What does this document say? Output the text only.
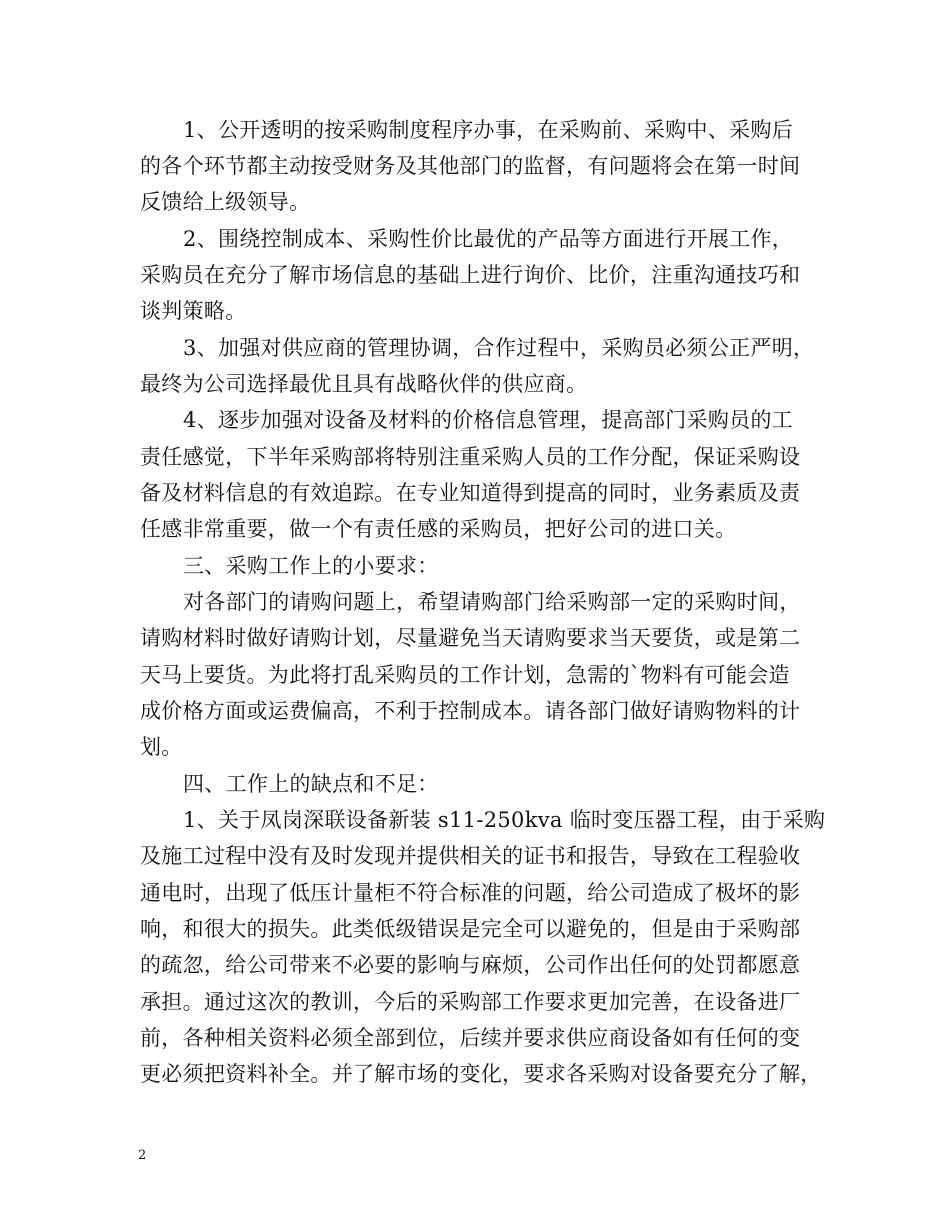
1、公开透明的按采购制度程序办事，在采购前、采购中、采购后
的各个环节都主动按受财务及其他部门的监督，有问题将会在第一时间
反馈给上级领导。
2、围绕控制成本、采购性价比最优的产品等方面进行开展工作，
采购员在充分了解市场信息的基础上进行询价、比价，注重沟通技巧和
谈判策略。
3、加强对供应商的管理协调，合作过程中，采购员必须公正严明，
最终为公司选择最优且具有战略伙伴的供应商。
4、逐步加强对设备及材料的价格信息管理，提高部门采购员的工
责任感觉，下半年采购部将特别注重采购人员的工作分配，保证采购设
备及材料信息的有效追踪。在专业知道得到提高的同时，业务素质及责
任感非常重要，做一个有责任感的采购员，把好公司的进口关。
三、采购工作上的小要求：
对各部门的请购问题上，希望请购部门给采购部一定的采购时间，
请购材料时做好请购计划，尽量避免当天请购要求当天要货，或是第二
天马上要货。为此将打乱采购员的工作计划，急需的`物料有可能会造
成价格方面或运费偏高，不利于控制成本。请各部门做好请购物料的计
划。
四、工作上的缺点和不足：
1、关于凤岗深联设备新装 s11-250kva 临时变压器工程，由于采购
及施工过程中没有及时发现并提供相关的证书和报告，导致在工程验收
通电时，出现了低压计量柜不符合标准的问题，给公司造成了极坏的影
响，和很大的损失。此类低级错误是完全可以避免的，但是由于采购部
的疏忽，给公司带来不必要的影响与麻烦，公司作出任何的处罚都愿意
承担。通过这次的教训，今后的采购部工作要求更加完善，在设备进厂
前，各种相关资料必须全部到位，后续并要求供应商设备如有任何的变
更必须把资料补全。并了解市场的变化，要求各采购对设备要充分了解，
2
